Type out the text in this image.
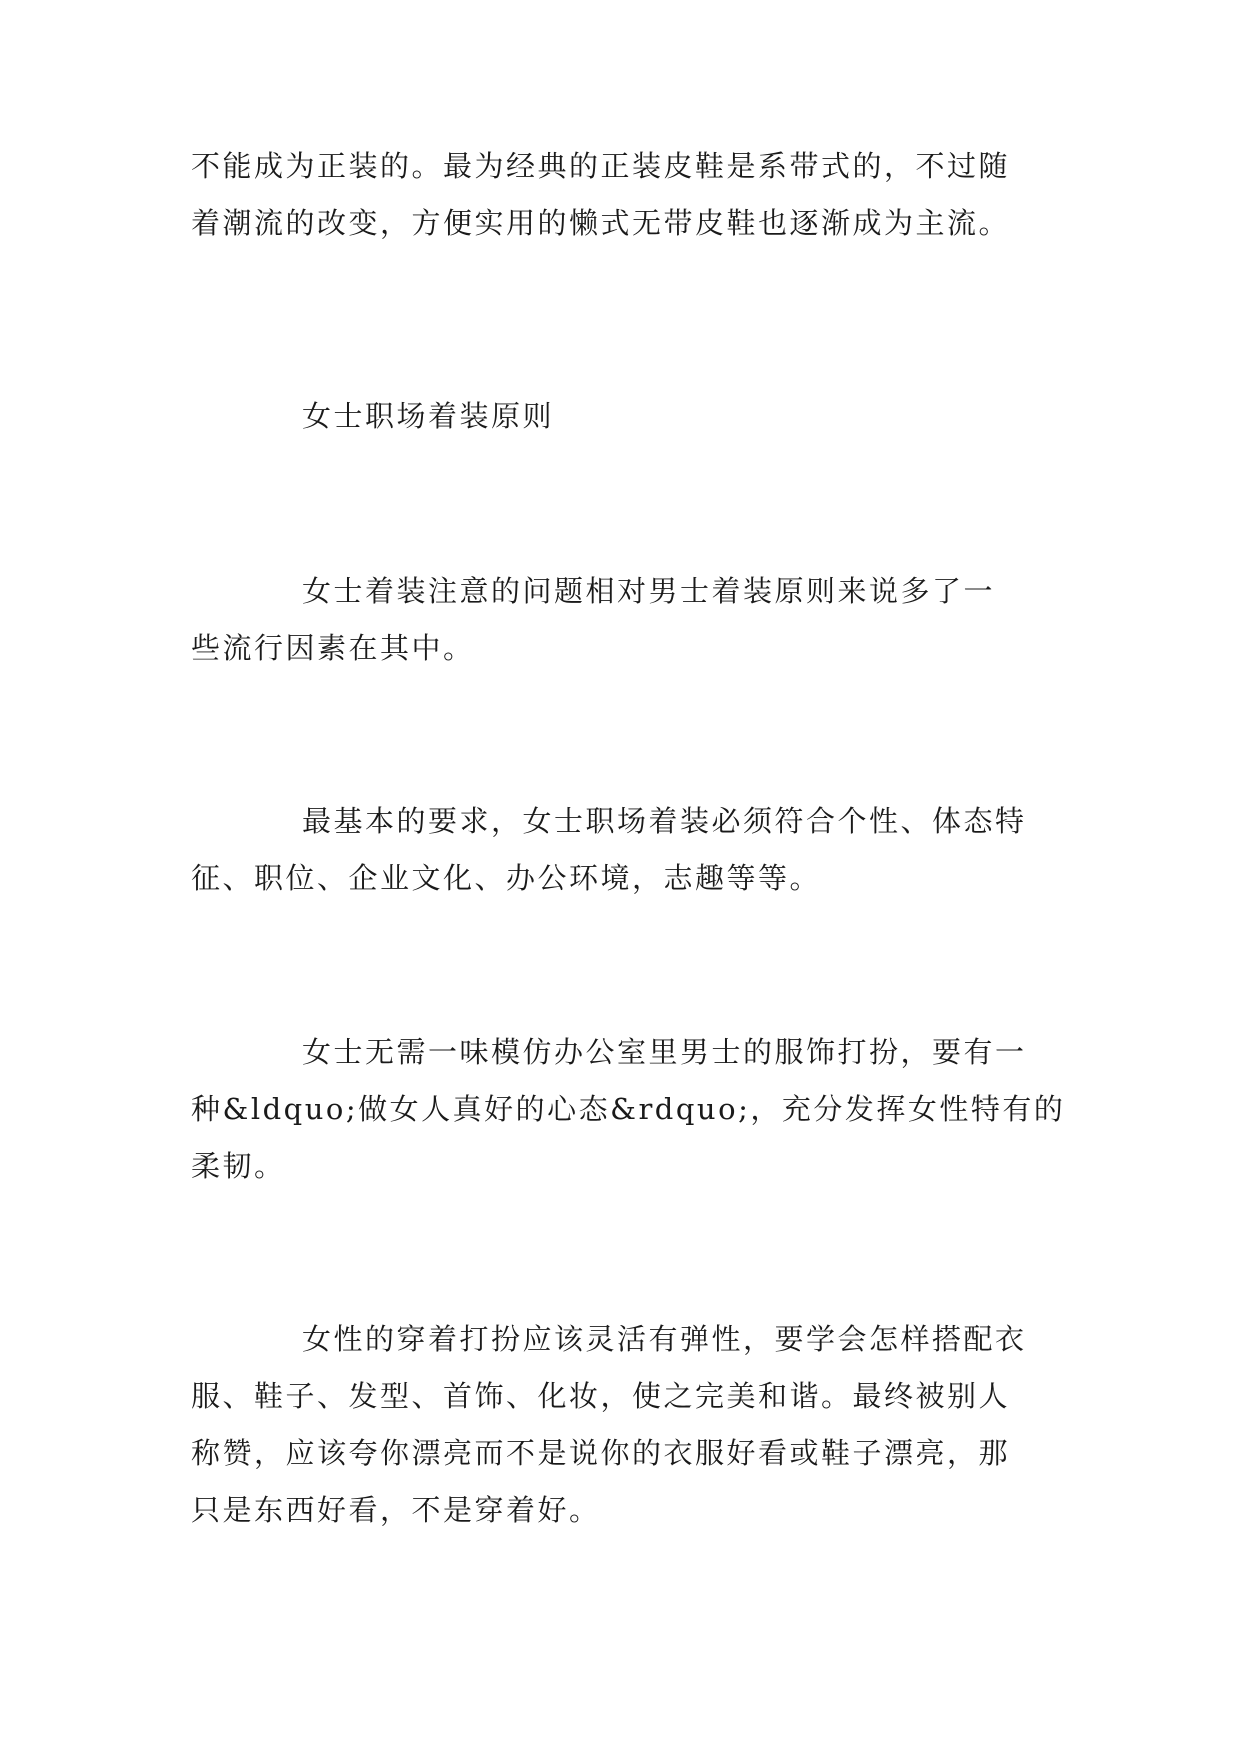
不能成为正装的。最为经典的正装皮鞋是系带式的，不过随
着潮流的改变，方便实用的懒式无带皮鞋也逐渐成为主流。
女士职场着装原则
女士着装注意的问题相对男士着装原则来说多了一
些流行因素在其中。
最基本的要求，女士职场着装必须符合个性、体态特
征、职位、企业文化、办公环境，志趣等等。
女士无需一味模仿办公室里男士的服饰打扮，要有一
种&ldquo;做女人真好的心态&rdquo;，充分发挥女性特有的
柔韧。
女性的穿着打扮应该灵活有弹性，要学会怎样搭配衣
服、鞋子、发型、首饰、化妆，使之完美和谐。最终被别人
称赞，应该夸你漂亮而不是说你的衣服好看或鞋子漂亮，那
只是东西好看，不是穿着好。
